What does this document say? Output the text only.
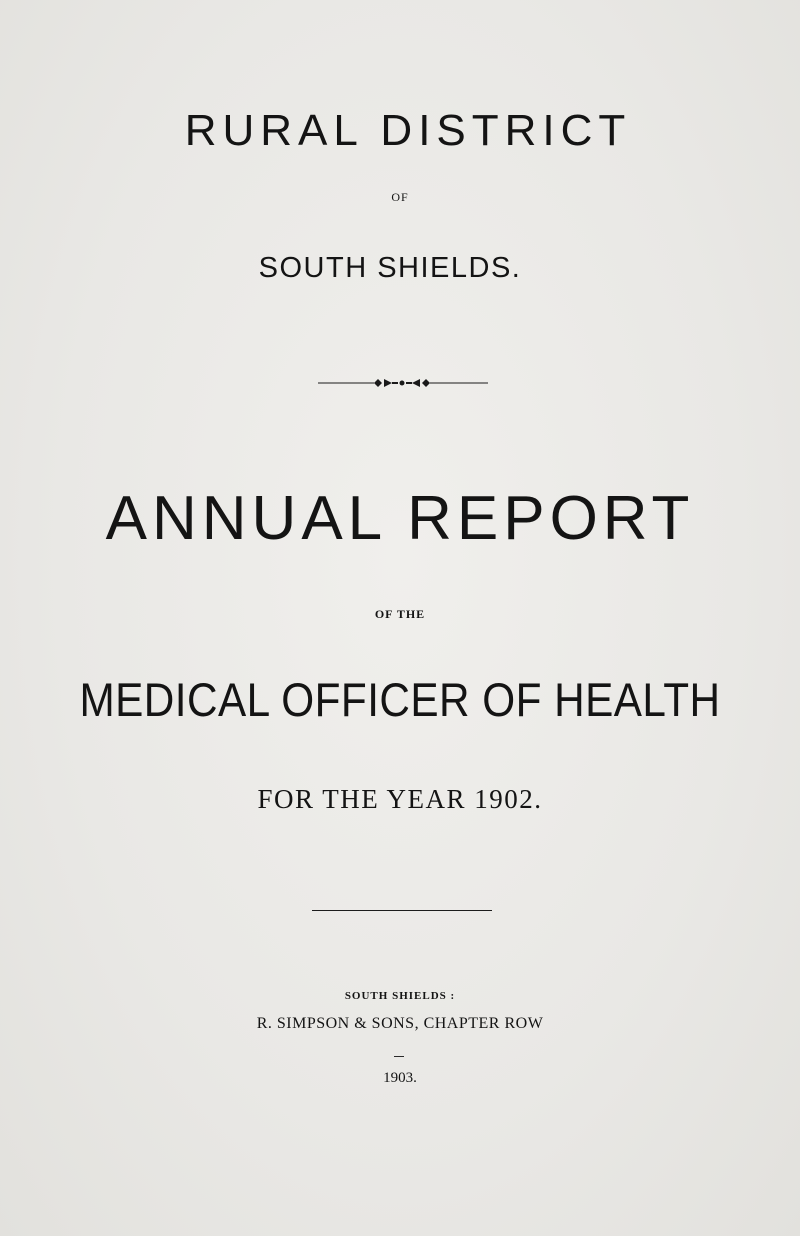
RURAL DISTRICT
OF
SOUTH SHIELDS.
ANNUAL REPORT
OF THE
MEDICAL OFFICER OF HEALTH
FOR THE YEAR 1902.
SOUTH SHIELDS :
R. SIMPSON & SONS, CHAPTER ROW
1903.
